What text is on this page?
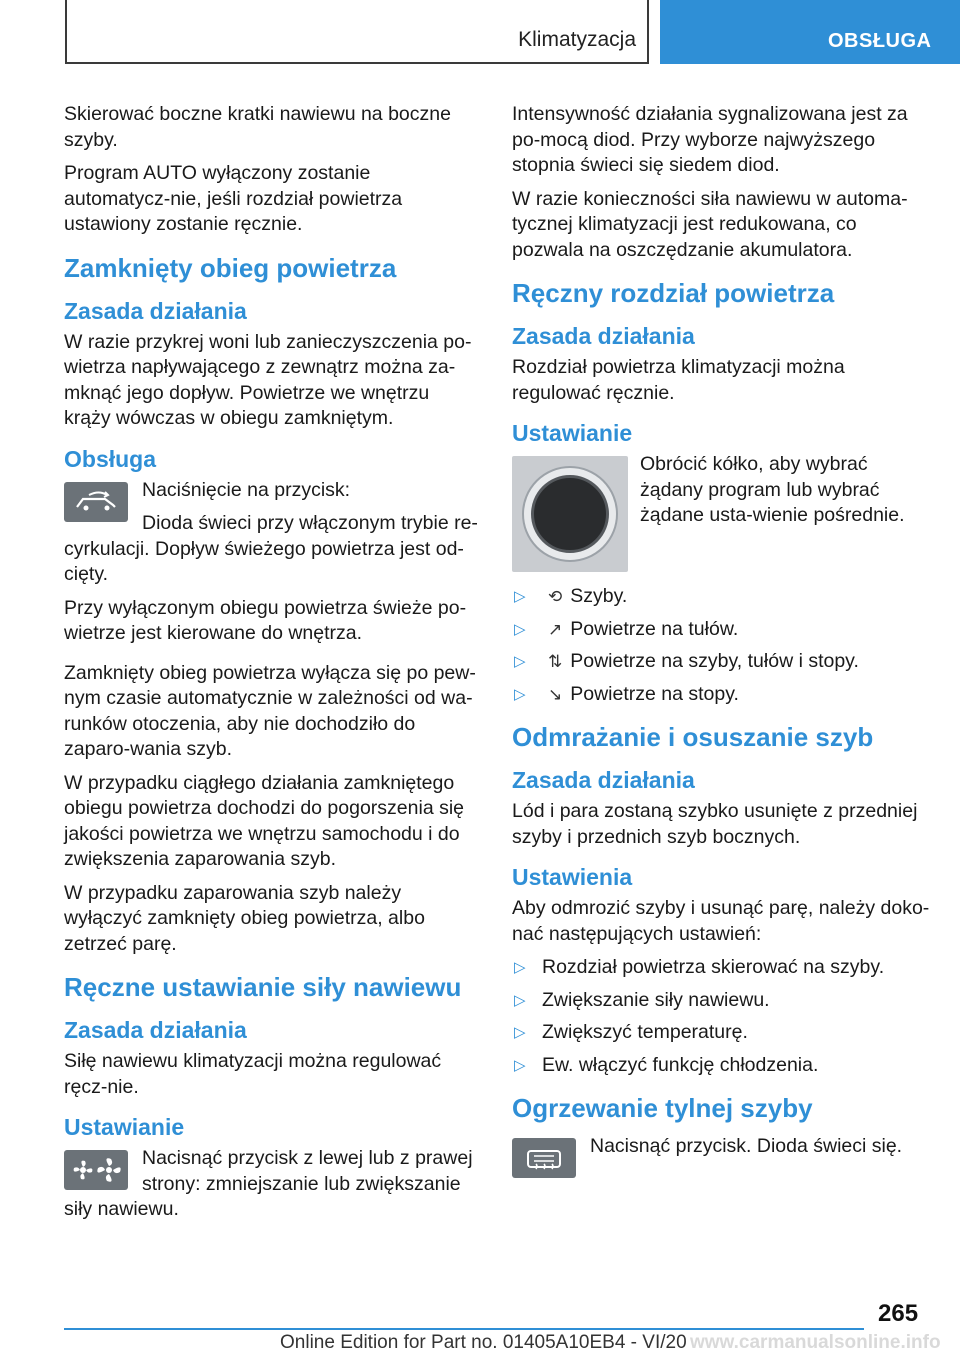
Klimatyzacja	OBSŁUGA

Skierować boczne kratki nawiewu na boczne szyby.

Program AUTO wyłączony zostanie automatycz‐nie, jeśli rozdział powietrza ustawiony zostanie ręcznie.

Zamknięty obieg powietrza
Zasada działania

W razie przykrej woni lub zanieczyszczenia po‐wietrza napływającego z zewnątrz można za‐mknąć jego dopływ. Powietrze we wnętrzu krąży wówczas w obiegu zamkniętym.

Obsługa

Naciśnięcie na przycisk:

Dioda świeci przy włączonym trybie re‐cyrkulacji. Dopływ świeżego powietrza jest od‐cięty.

Przy wyłączonym obiegu powietrza świeże po‐wietrze jest kierowane do wnętrza.

Zamknięty obieg powietrza wyłącza się po pew‐nym czasie automatycznie w zależności od wa‐runków otoczenia, aby nie dochodziło do zaparo‐wania szyb.

W przypadku ciągłego działania zamkniętego obiegu powietrza dochodzi do pogorszenia się jakości powietrza we wnętrzu samochodu i do zwiększenia zaparowania szyb.

W przypadku zaparowania szyb należy wyłączyć zamknięty obieg powietrza, albo zetrzeć parę.

Ręczne ustawianie siły nawiewu
Zasada działania

Siłę nawiewu klimatyzacji można regulować ręcz‐nie.

Ustawianie

Nacisnąć przycisk z lewej lub z prawej strony: zmniejszanie lub zwiększanie siły nawiewu.

Intensywność działania sygnalizowana jest za po‐mocą diod. Przy wyborze najwyższego stopnia świeci się siedem diod.

W razie konieczności siła nawiewu w automa‐tycznej klimatyzacji jest redukowana, co pozwala na oszczędzanie akumulatora.

Ręczny rozdział powietrza
Zasada działania

Rozdział powietrza klimatyzacji można regulować ręcznie.

Ustawianie

Obrócić kółko, aby wybrać żądany program lub wybrać żądane usta‐wienie pośrednie.

▷ ⟲ Szyby.
▷ ↗ Powietrze na tułów.
▷ ⇅ Powietrze na szyby, tułów i stopy.
▷ ↘ Powietrze na stopy.
Odmrażanie i osuszanie szyb
Zasada działania

Lód i para zostaną szybko usunięte z przedniej szyby i przednich szyb bocznych.

Ustawienia

Aby odmrozić szyby i usunąć parę, należy doko‐nać następujących ustawień:

▷ Rozdział powietrza skierować na szyby.
▷ Zwiększanie siły nawiewu.
▷ Zwiększyć temperaturę.
▷ Ew. włączyć funkcję chłodzenia.
Ogrzewanie tylnej szyby

Nacisnąć przycisk. Dioda świeci się.

265
Online Edition for Part no. 01405A10EB4 - VI/20 www.carmanualsonline.info
